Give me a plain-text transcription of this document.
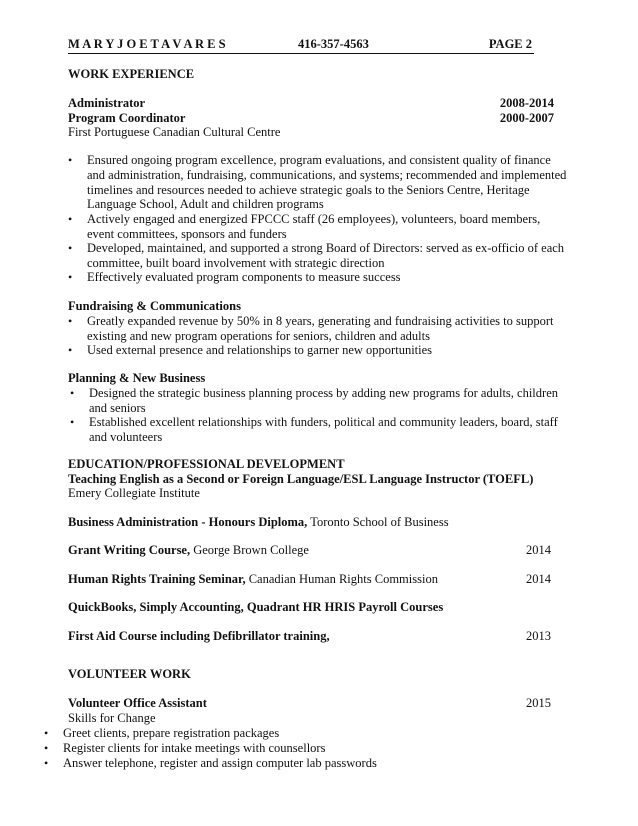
M A R Y J O E T A V A R E S	416-357-4563	PAGE 2
WORK EXPERIENCE
Administrator	2008-2014
Program Coordinator	2000-2007
First Portuguese Canadian Cultural Centre
• Ensured ongoing program excellence, program evaluations, and consistent quality of finance
and administration, fundraising, communications, and systems; recommended and implemented
timelines and resources needed to achieve strategic goals to the Seniors Centre, Heritage
Language School, Adult and children programs
• Actively engaged and energized FPCCC staff (26 employees), volunteers, board members,
event committees, sponsors and funders
• Developed, maintained, and supported a strong Board of Directors: served as ex-officio of each
committee, built board involvement with strategic direction
• Effectively evaluated program components to measure success
Fundraising & Communications
• Greatly expanded revenue by 50% in 8 years, generating and fundraising activities to support
existing and new program operations for seniors, children and adults
• Used external presence and relationships to garner new opportunities
Planning & New Business
• Designed the strategic business planning process by adding new programs for adults, children
and seniors
• Established excellent relationships with funders, political and community leaders, board, staff
and volunteers
EDUCATION/PROFESSIONAL DEVELOPMENT
Teaching English as a Second or Foreign Language/ESL Language Instructor (TOEFL)
Emery Collegiate Institute
Business Administration - Honours Diploma, Toronto School of Business
Grant Writing Course, George Brown College	2014
Human Rights Training Seminar, Canadian Human Rights Commission	2014
QuickBooks, Simply Accounting, Quadrant HR HRIS Payroll Courses
First Aid Course including Defibrillator training,	2013
VOLUNTEER WORK
Volunteer Office Assistant	2015
Skills for Change
• Greet clients, prepare registration packages
• Register clients for intake meetings with counsellors
• Answer telephone, register and assign computer lab passwords
